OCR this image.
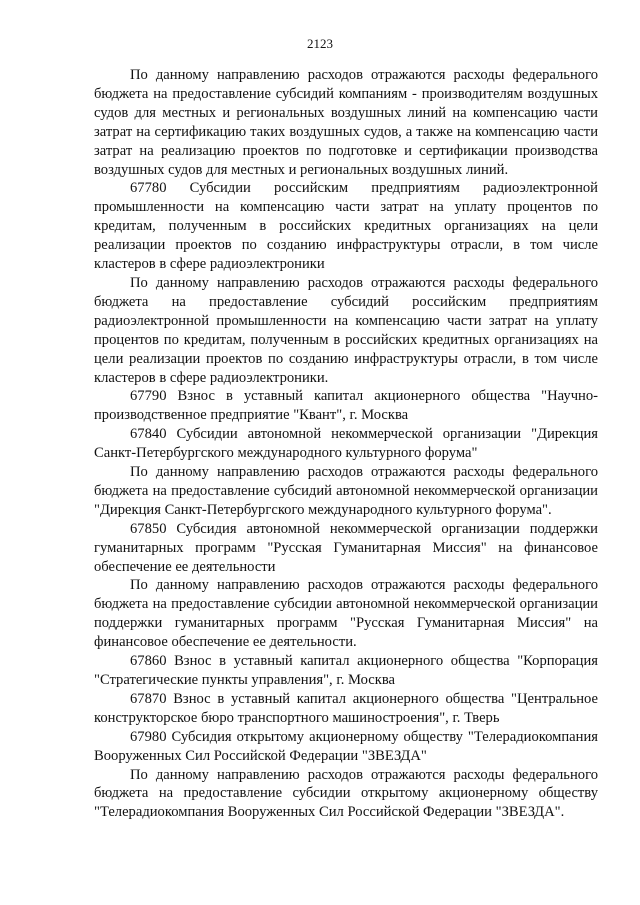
2123

По данному направлению расходов отражаются расходы федерального бюджета на предоставление субсидий компаниям - производителям воздушных судов для местных и региональных воздушных линий на компенсацию части затрат на сертификацию таких воздушных судов, а также на компенсацию части затрат на реализацию проектов по подготовке и сертификации производства воздушных судов для местных и региональных воздушных линий.

67780 Субсидии российским предприятиям радиоэлектронной промышленности на компенсацию части затрат на уплату процентов по кредитам, полученным в российских кредитных организациях на цели реализации проектов по созданию инфраструктуры отрасли, в том числе кластеров в сфере радиоэлектроники

По данному направлению расходов отражаются расходы федерального бюджета на предоставление субсидий российским предприятиям радиоэлектронной промышленности на компенсацию части затрат на уплату процентов по кредитам, полученным в российских кредитных организациях на цели реализации проектов по созданию инфраструктуры отрасли, в том числе кластеров в сфере радиоэлектроники.

67790 Взнос в уставный капитал акционерного общества "Научно-производственное предприятие "Квант", г. Москва

67840 Субсидии автономной некоммерческой организации "Дирекция Санкт-Петербургского международного культурного форума"

По данному направлению расходов отражаются расходы федерального бюджета на предоставление субсидий автономной некоммерческой организации "Дирекция Санкт-Петербургского международного культурного форума".

67850 Субсидия автономной некоммерческой организации поддержки гуманитарных программ "Русская Гуманитарная Миссия" на финансовое обеспечение ее деятельности

По данному направлению расходов отражаются расходы федерального бюджета на предоставление субсидии автономной некоммерческой организации поддержки гуманитарных программ "Русская Гуманитарная Миссия" на финансовое обеспечение ее деятельности.

67860 Взнос в уставный капитал акционерного общества "Корпорация "Стратегические пункты управления", г. Москва

67870 Взнос в уставный капитал акционерного общества "Центральное конструкторское бюро транспортного машиностроения", г. Тверь

67980 Субсидия открытому акционерному обществу "Телерадиокомпания Вооруженных Сил Российской Федерации "ЗВЕЗДА"

По данному направлению расходов отражаются расходы федерального бюджета на предоставление субсидии открытому акционерному обществу "Телерадиокомпания Вооруженных Сил Российской Федерации "ЗВЕЗДА".
